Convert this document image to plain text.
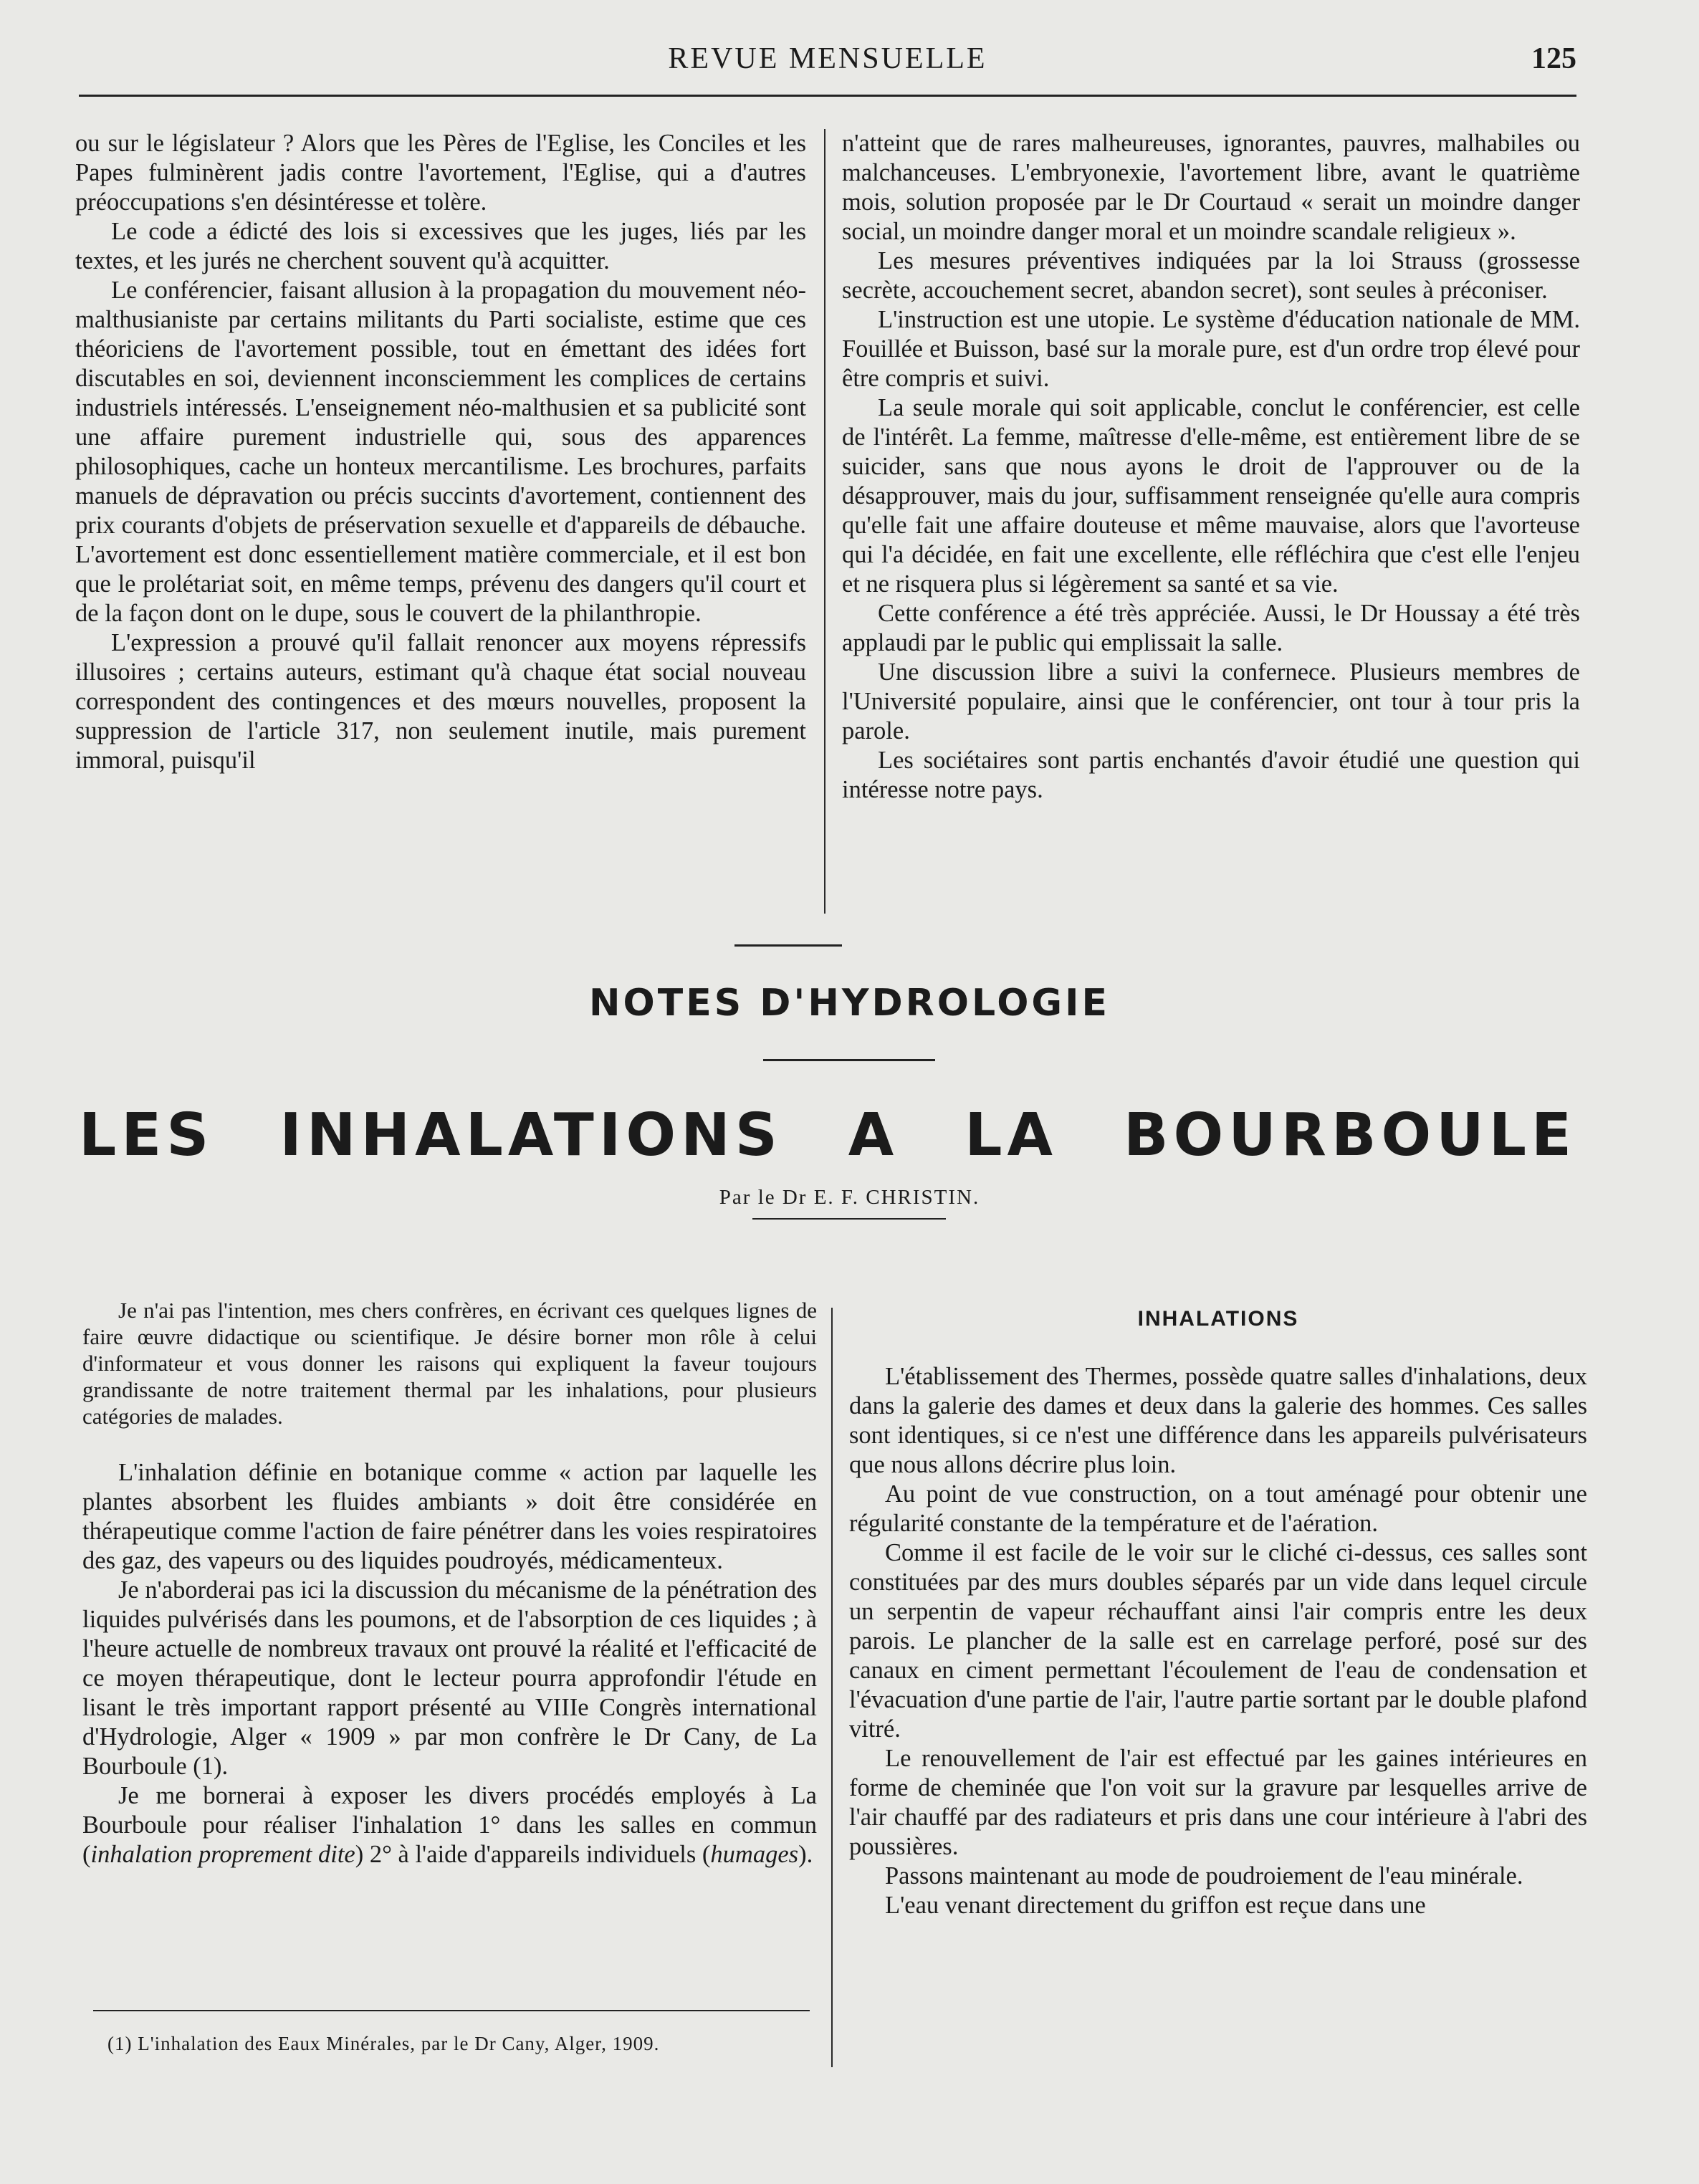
REVUE MENSUELLE	125

ou sur le législateur ? Alors que les Pères de l'Eglise, les Conciles et les Papes fulminèrent jadis contre l'avortement, l'Eglise, qui a d'autres préoccupations s'en désintéresse et tolère.

Le code a édicté des lois si excessives que les juges, liés par les textes, et les jurés ne cherchent souvent qu'à acquitter.

Le conférencier, faisant allusion à la propagation du mouvement néo-malthusianiste par certains militants du Parti socialiste, estime que ces théoriciens de l'avortement possible, tout en émettant des idées fort discutables en soi, deviennent inconsciemment les complices de certains industriels intéressés. L'enseignement néo-malthusien et sa publicité sont une affaire purement industrielle qui, sous des apparences philosophiques, cache un honteux mercantilisme. Les brochures, parfaits manuels de dépravation ou précis succints d'avortement, contiennent des prix courants d'objets de préservation sexuelle et d'appareils de débauche. L'avortement est donc essentiellement matière commerciale, et il est bon que le prolétariat soit, en même temps, prévenu des dangers qu'il court et de la façon dont on le dupe, sous le couvert de la philanthropie.

L'expression a prouvé qu'il fallait renoncer aux moyens répressifs illusoires ; certains auteurs, estimant qu'à chaque état social nouveau correspondent des contingences et des mœurs nouvelles, proposent la suppression de l'article 317, non seulement inutile, mais purement immoral, puisqu'il

n'atteint que de rares malheureuses, ignorantes, pauvres, malhabiles ou malchanceuses. L'embryonexie, l'avortement libre, avant le quatrième mois, solution proposée par le Dr Courtaud « serait un moindre danger social, un moindre danger moral et un moindre scandale religieux ».

Les mesures préventives indiquées par la loi Strauss (grossesse secrète, accouchement secret, abandon secret), sont seules à préconiser.

L'instruction est une utopie. Le système d'éducation nationale de MM. Fouillée et Buisson, basé sur la morale pure, est d'un ordre trop élevé pour être compris et suivi.

La seule morale qui soit applicable, conclut le conférencier, est celle de l'intérêt. La femme, maîtresse d'elle-même, est entièrement libre de se suicider, sans que nous ayons le droit de l'approuver ou de la désapprouver, mais du jour, suffisamment renseignée qu'elle aura compris qu'elle fait une affaire douteuse et même mauvaise, alors que l'avorteuse qui l'a décidée, en fait une excellente, elle réfléchira que c'est elle l'enjeu et ne risquera plus si légèrement sa santé et sa vie.

Cette conférence a été très appréciée. Aussi, le Dr Houssay a été très applaudi par le public qui emplissait la salle.

Une discussion libre a suivi la confernece. Plusieurs membres de l'Université populaire, ainsi que le conférencier, ont tour à tour pris la parole.

Les sociétaires sont partis enchantés d'avoir étudié une question qui intéresse notre pays.

NOTES D'HYDROLOGIE
LES INHALATIONS A LA BOURBOULE
Par le Dr E. F. CHRISTIN.

Je n'ai pas l'intention, mes chers confrères, en écrivant ces quelques lignes de faire œuvre didactique ou scientifique. Je désire borner mon rôle à celui d'informateur et vous donner les raisons qui expliquent la faveur toujours grandissante de notre traitement thermal par les inhalations, pour plusieurs catégories de malades.

L'inhalation définie en botanique comme « action par laquelle les plantes absorbent les fluides ambiants » doit être considérée en thérapeutique comme l'action de faire pénétrer dans les voies respiratoires des gaz, des vapeurs ou des liquides poudroyés, médicamenteux.

Je n'aborderai pas ici la discussion du mécanisme de la pénétration des liquides pulvérisés dans les poumons, et de l'absorption de ces liquides ; à l'heure actuelle de nombreux travaux ont prouvé la réalité et l'efficacité de ce moyen thérapeutique, dont le lecteur pourra approfondir l'étude en lisant le très important rapport présenté au VIIIe Congrès international d'Hydrologie, Alger « 1909 » par mon confrère le Dr Cany, de La Bourboule (1).

Je me bornerai à exposer les divers procédés employés à La Bourboule pour réaliser l'inhalation 1° dans les salles en commun (inhalation proprement dite) 2° à l'aide d'appareils individuels (humages).

(1) L'inhalation des Eaux Minérales, par le Dr Cany, Alger, 1909.
INHALATIONS

L'établissement des Thermes, possède quatre salles d'inhalations, deux dans la galerie des dames et deux dans la galerie des hommes. Ces salles sont identiques, si ce n'est une différence dans les appareils pulvérisateurs que nous allons décrire plus loin.

Au point de vue construction, on a tout aménagé pour obtenir une régularité constante de la température et de l'aération.

Comme il est facile de le voir sur le cliché ci-dessus, ces salles sont constituées par des murs doubles séparés par un vide dans lequel circule un serpentin de vapeur réchauffant ainsi l'air compris entre les deux parois. Le plancher de la salle est en carrelage perforé, posé sur des canaux en ciment permettant l'écoulement de l'eau de condensation et l'évacuation d'une partie de l'air, l'autre partie sortant par le double plafond vitré.

Le renouvellement de l'air est effectué par les gaines intérieures en forme de cheminée que l'on voit sur la gravure par lesquelles arrive de l'air chauffé par des radiateurs et pris dans une cour intérieure à l'abri des poussières.

Passons maintenant au mode de poudroiement de l'eau minérale.

L'eau venant directement du griffon est reçue dans une
